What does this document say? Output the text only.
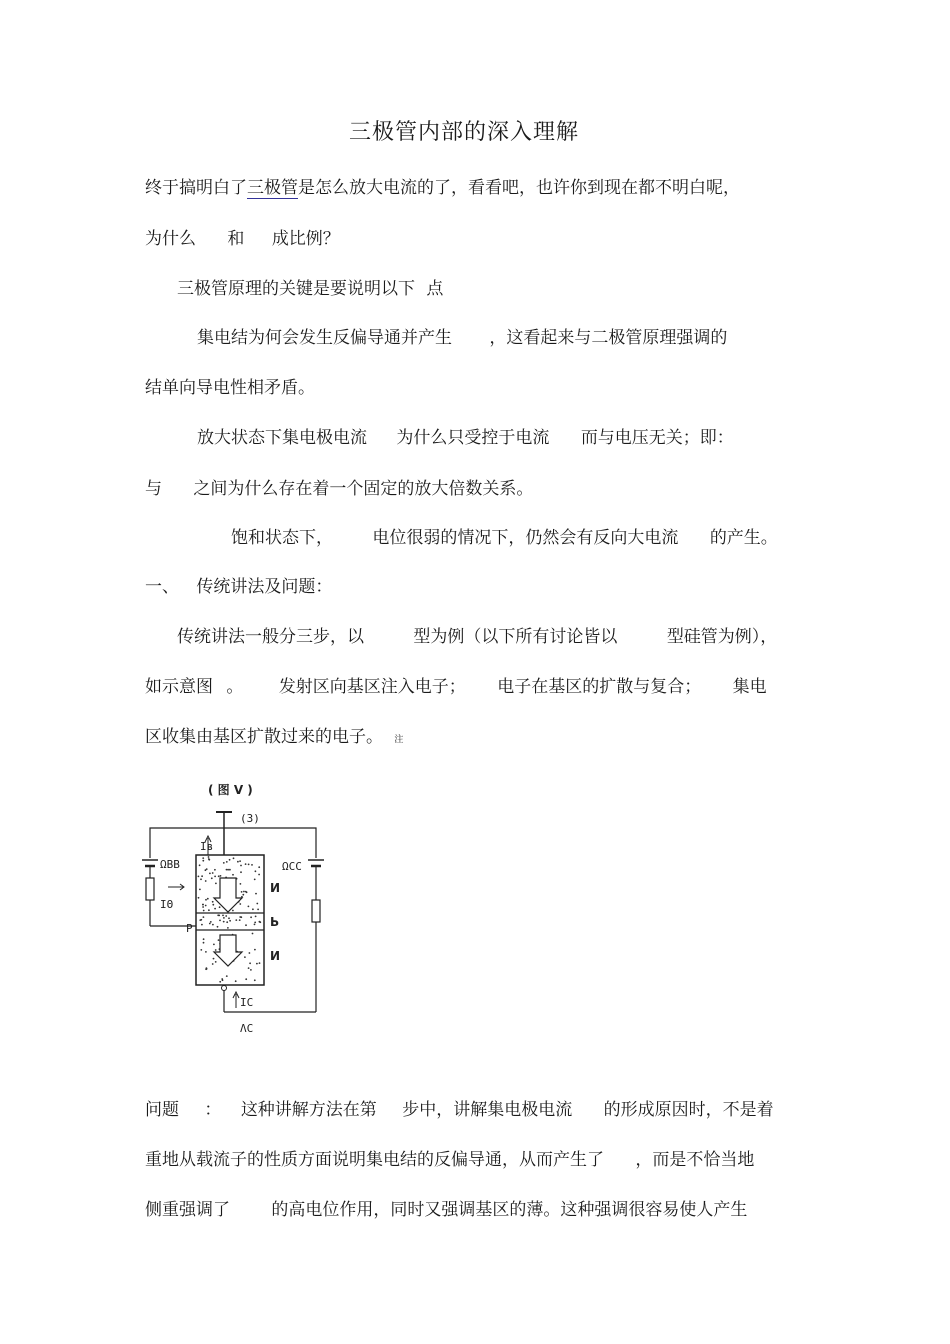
三极管内部的深入理解
终于搞明白了三极管是怎么放大电流的了，看看吧，也许你到现在都不明白呢，
为什么 和 成比例？
三极管原理的关键是要说明以下 点
集电结为何会发生反偏导通并产生 ，这看起来与二极管原理强调的
结单向导电性相矛盾。
放大状态下集电极电流 为什么只受控于电流 而与电压无关；即：
与 之间为什么存在着一个固定的放大倍数关系。
饱和状态下， 电位很弱的情况下，仍然会有反向大电流 的产生。
一、 传统讲法及问题：
传统讲法一般分三步，以	型为例（以下所有讨论皆以	型硅管为例），
如示意图 。 发射区向基区注入电子； 电子在基区的扩散与复合； 集电
区收集由基区扩散过来的电子。 注
( 图 V )
(3)
ΩBB
IΘ
Iʙ
ΩCC
И
Ь
И
P
IC
ΛC
问题 ： 这种讲解方法在第 步中，讲解集电极电流 的形成原因时，不是着
重地从载流子的性质方面说明集电结的反偏导通，从而产生了 ，而是不恰当地
侧重强调了 的高电位作用，同时又强调基区的薄。这种强调很容易使人产生
